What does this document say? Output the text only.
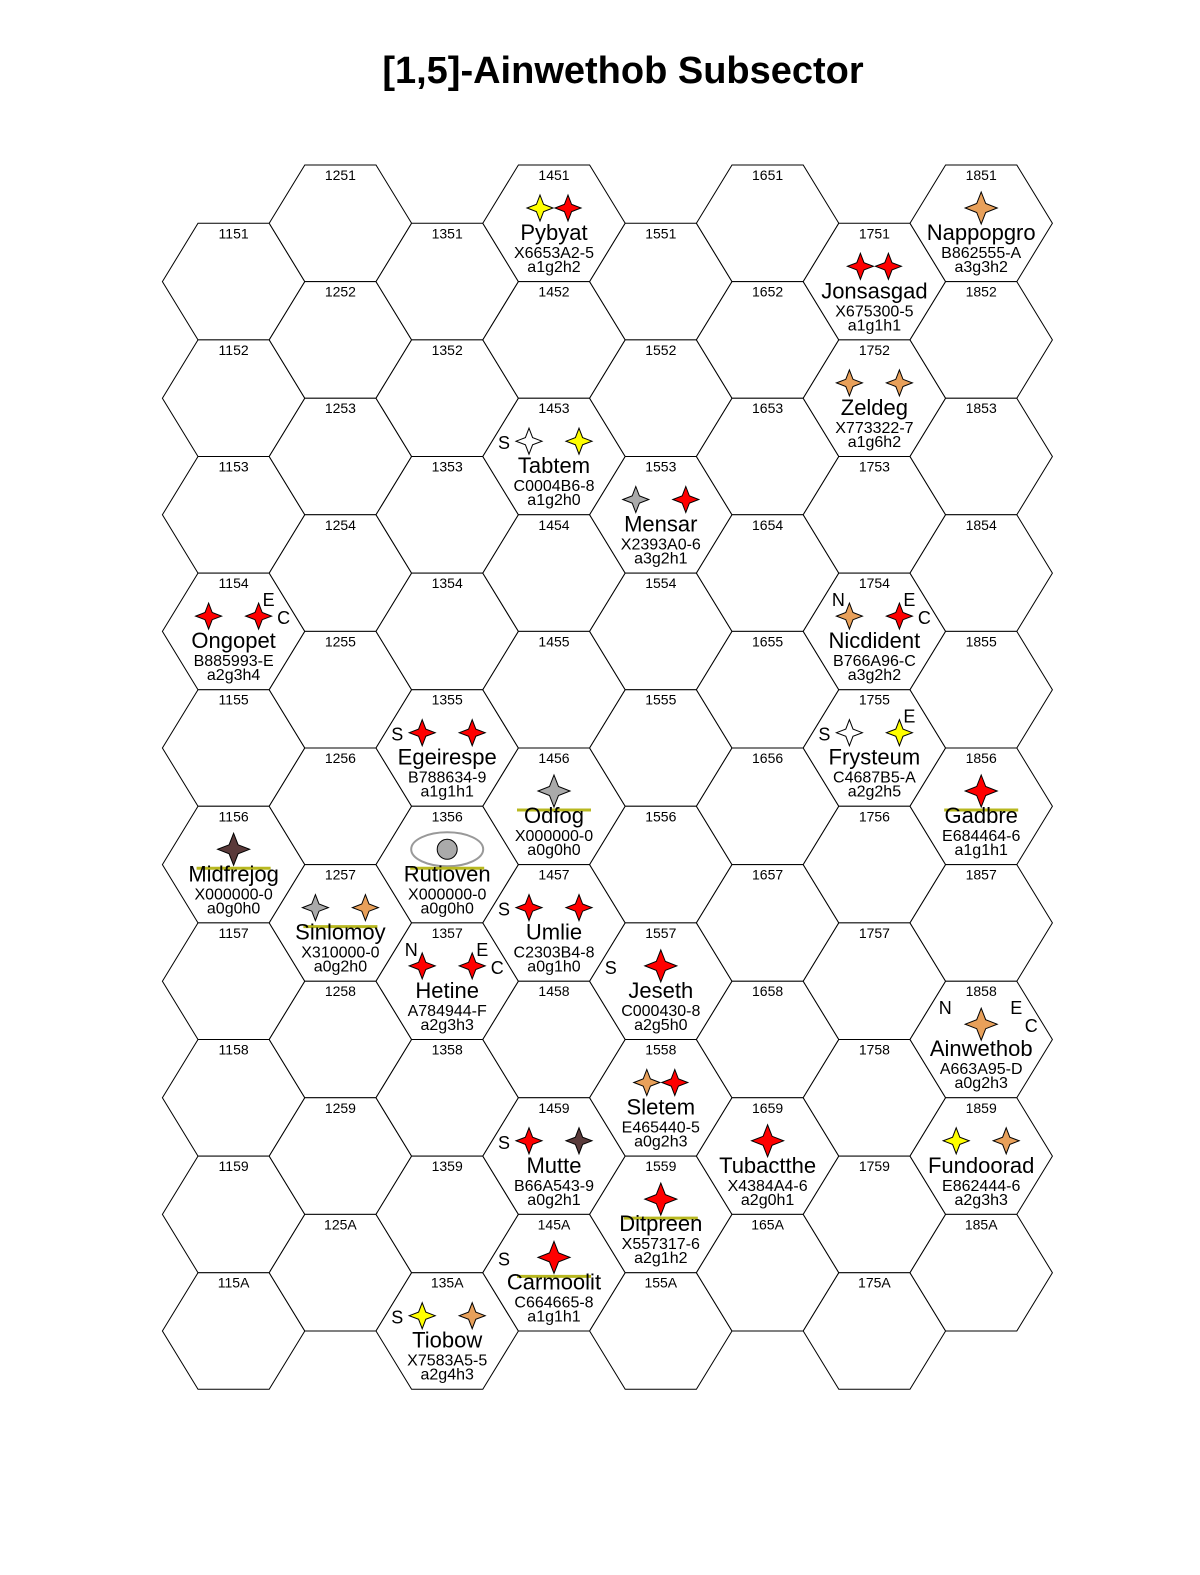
[1,5]-Ainwethob Subsector
1151
1152
1153
1154
1155
1156
1157
1158
1159
115A
1251
1252
1253
1254
1255
1256
1257
1258
1259
125A
1351
1352
1353
1354
1355
1356
1357
1358
1359
135A
1451
1452
1453
1454
1455
1456
1457
1458
1459
145A
1551
1552
1553
1554
1555
1556
1557
1558
1559
155A
1651
1652
1653
1654
1655
1656
1657
1658
1659
165A
1751
1752
1753
1754
1755
1756
1757
1758
1759
175A
1851
1852
1853
1854
1855
1856
1857
1858
1859
185A
Pybyat
X6653A2-5
a1g2h2
Nappopgro
B862555-A
a3g3h2
Jonsasgad
X675300-5
a1g1h1
Zeldeg
X773322-7
a1g6h2
S
Tabtem
C0004B6-8
a1g2h0
Mensar
X2393A0-6
a3g2h1
E
C
Ongopet
B885993-E
a2g3h4
N	E
C
Nicdident
B766A96-C
a3g2h2
S
Egeirespe
B788634-9
a1g1h1
S
E
Frysteum
C4687B5-A
a2g2h5
Odfog
X000000-0
a0g0h0
Gadbre
E684464-6
a1g1h1
Midfrejog
X000000-0
a0g0h0
Rutioven
X000000-0
a0g0h0
Sinlomoy
X310000-0
a0g2h0
S
Umlie
C2303B4-8
a0g1h0
N	E
C
Hetine
A784944-F
a2g3h3
S
Jeseth
C000430-8
a2g5h0
N	E
C
Ainwethob
A663A95-D
a0g2h3
Sletem
E465440-5
a0g2h3
S
Mutte
B66A543-9
a0g2h1
Tubactthe
X4384A4-6
a2g0h1
Fundoorad
E862444-6
a2g3h3
Ditpreen
X557317-6
a2g1h2
S
Carmoolit
C664665-8
a1g1h1
S
Tiobow
X7583A5-5
a2g4h3
